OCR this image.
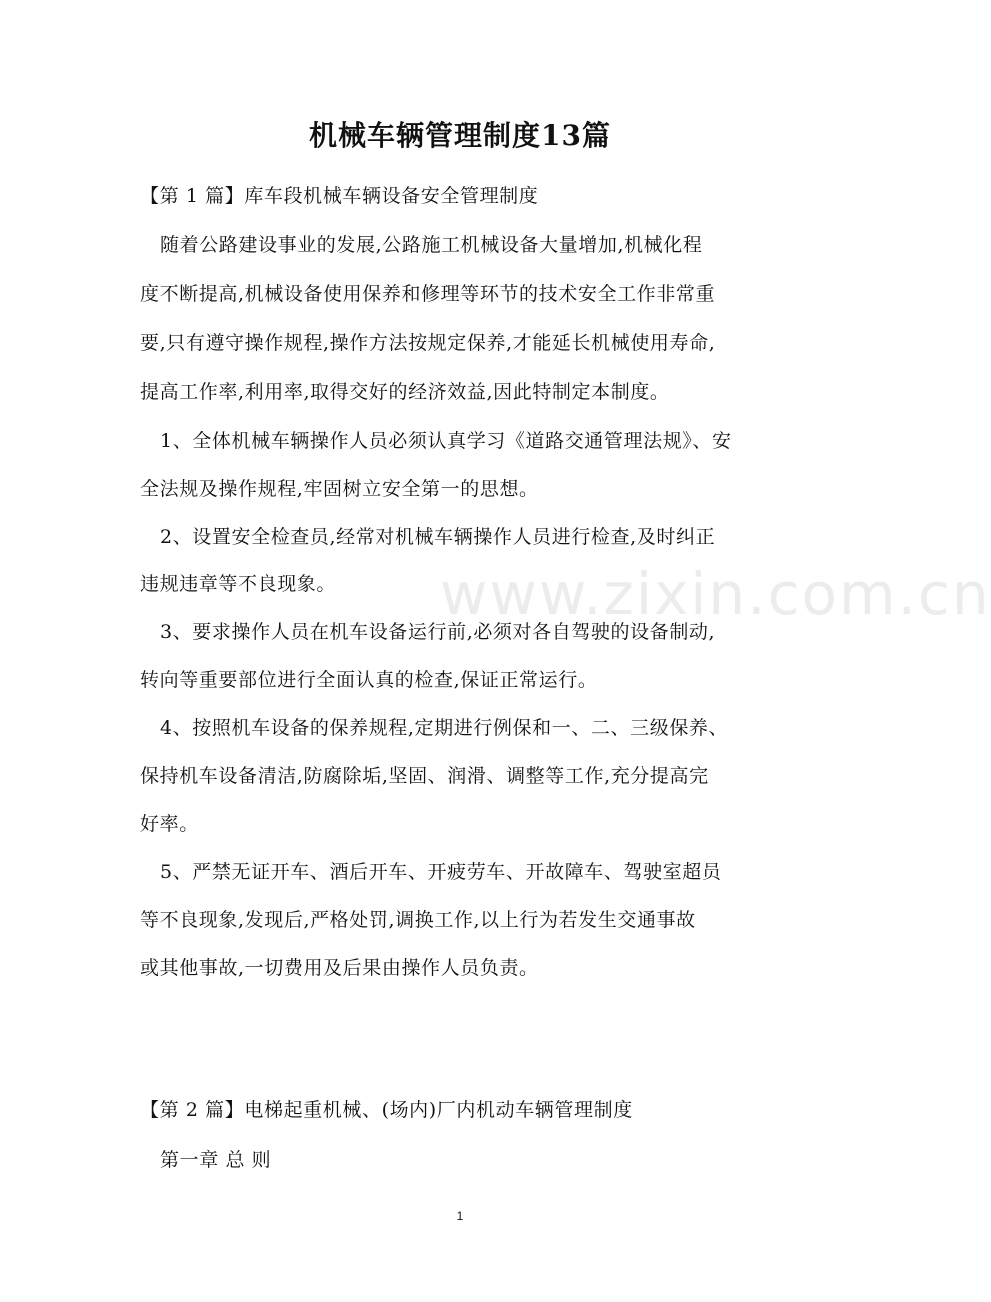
www.zixin.com.cn
机械车辆管理制度13篇
【第 1 篇】库车段机械车辆设备安全管理制度
随着公路建设事业的发展,公路施工机械设备大量增加,机械化程
度不断提高,机械设备使用保养和修理等环节的技术安全工作非常重
要,只有遵守操作规程,操作方法按规定保养,才能延长机械使用寿命,
提高工作率,利用率,取得交好的经济效益,因此特制定本制度。
1、全体机械车辆操作人员必须认真学习《道路交通管理法规》、安
全法规及操作规程,牢固树立安全第一的思想。
2、设置安全检查员,经常对机械车辆操作人员进行检查,及时纠正
违规违章等不良现象。
3、要求操作人员在机车设备运行前,必须对各自驾驶的设备制动,
转向等重要部位进行全面认真的检查,保证正常运行。
4、按照机车设备的保养规程,定期进行例保和一、二、三级保养、
保持机车设备清洁,防腐除垢,坚固、润滑、调整等工作,充分提高完
好率。
5、严禁无证开车、酒后开车、开疲劳车、开故障车、驾驶室超员
等不良现象,发现后,严格处罚,调换工作,以上行为若发生交通事故
或其他事故,一切费用及后果由操作人员负责。
【第 2 篇】电梯起重机械、(场内)厂内机动车辆管理制度
第一章 总 则
1
